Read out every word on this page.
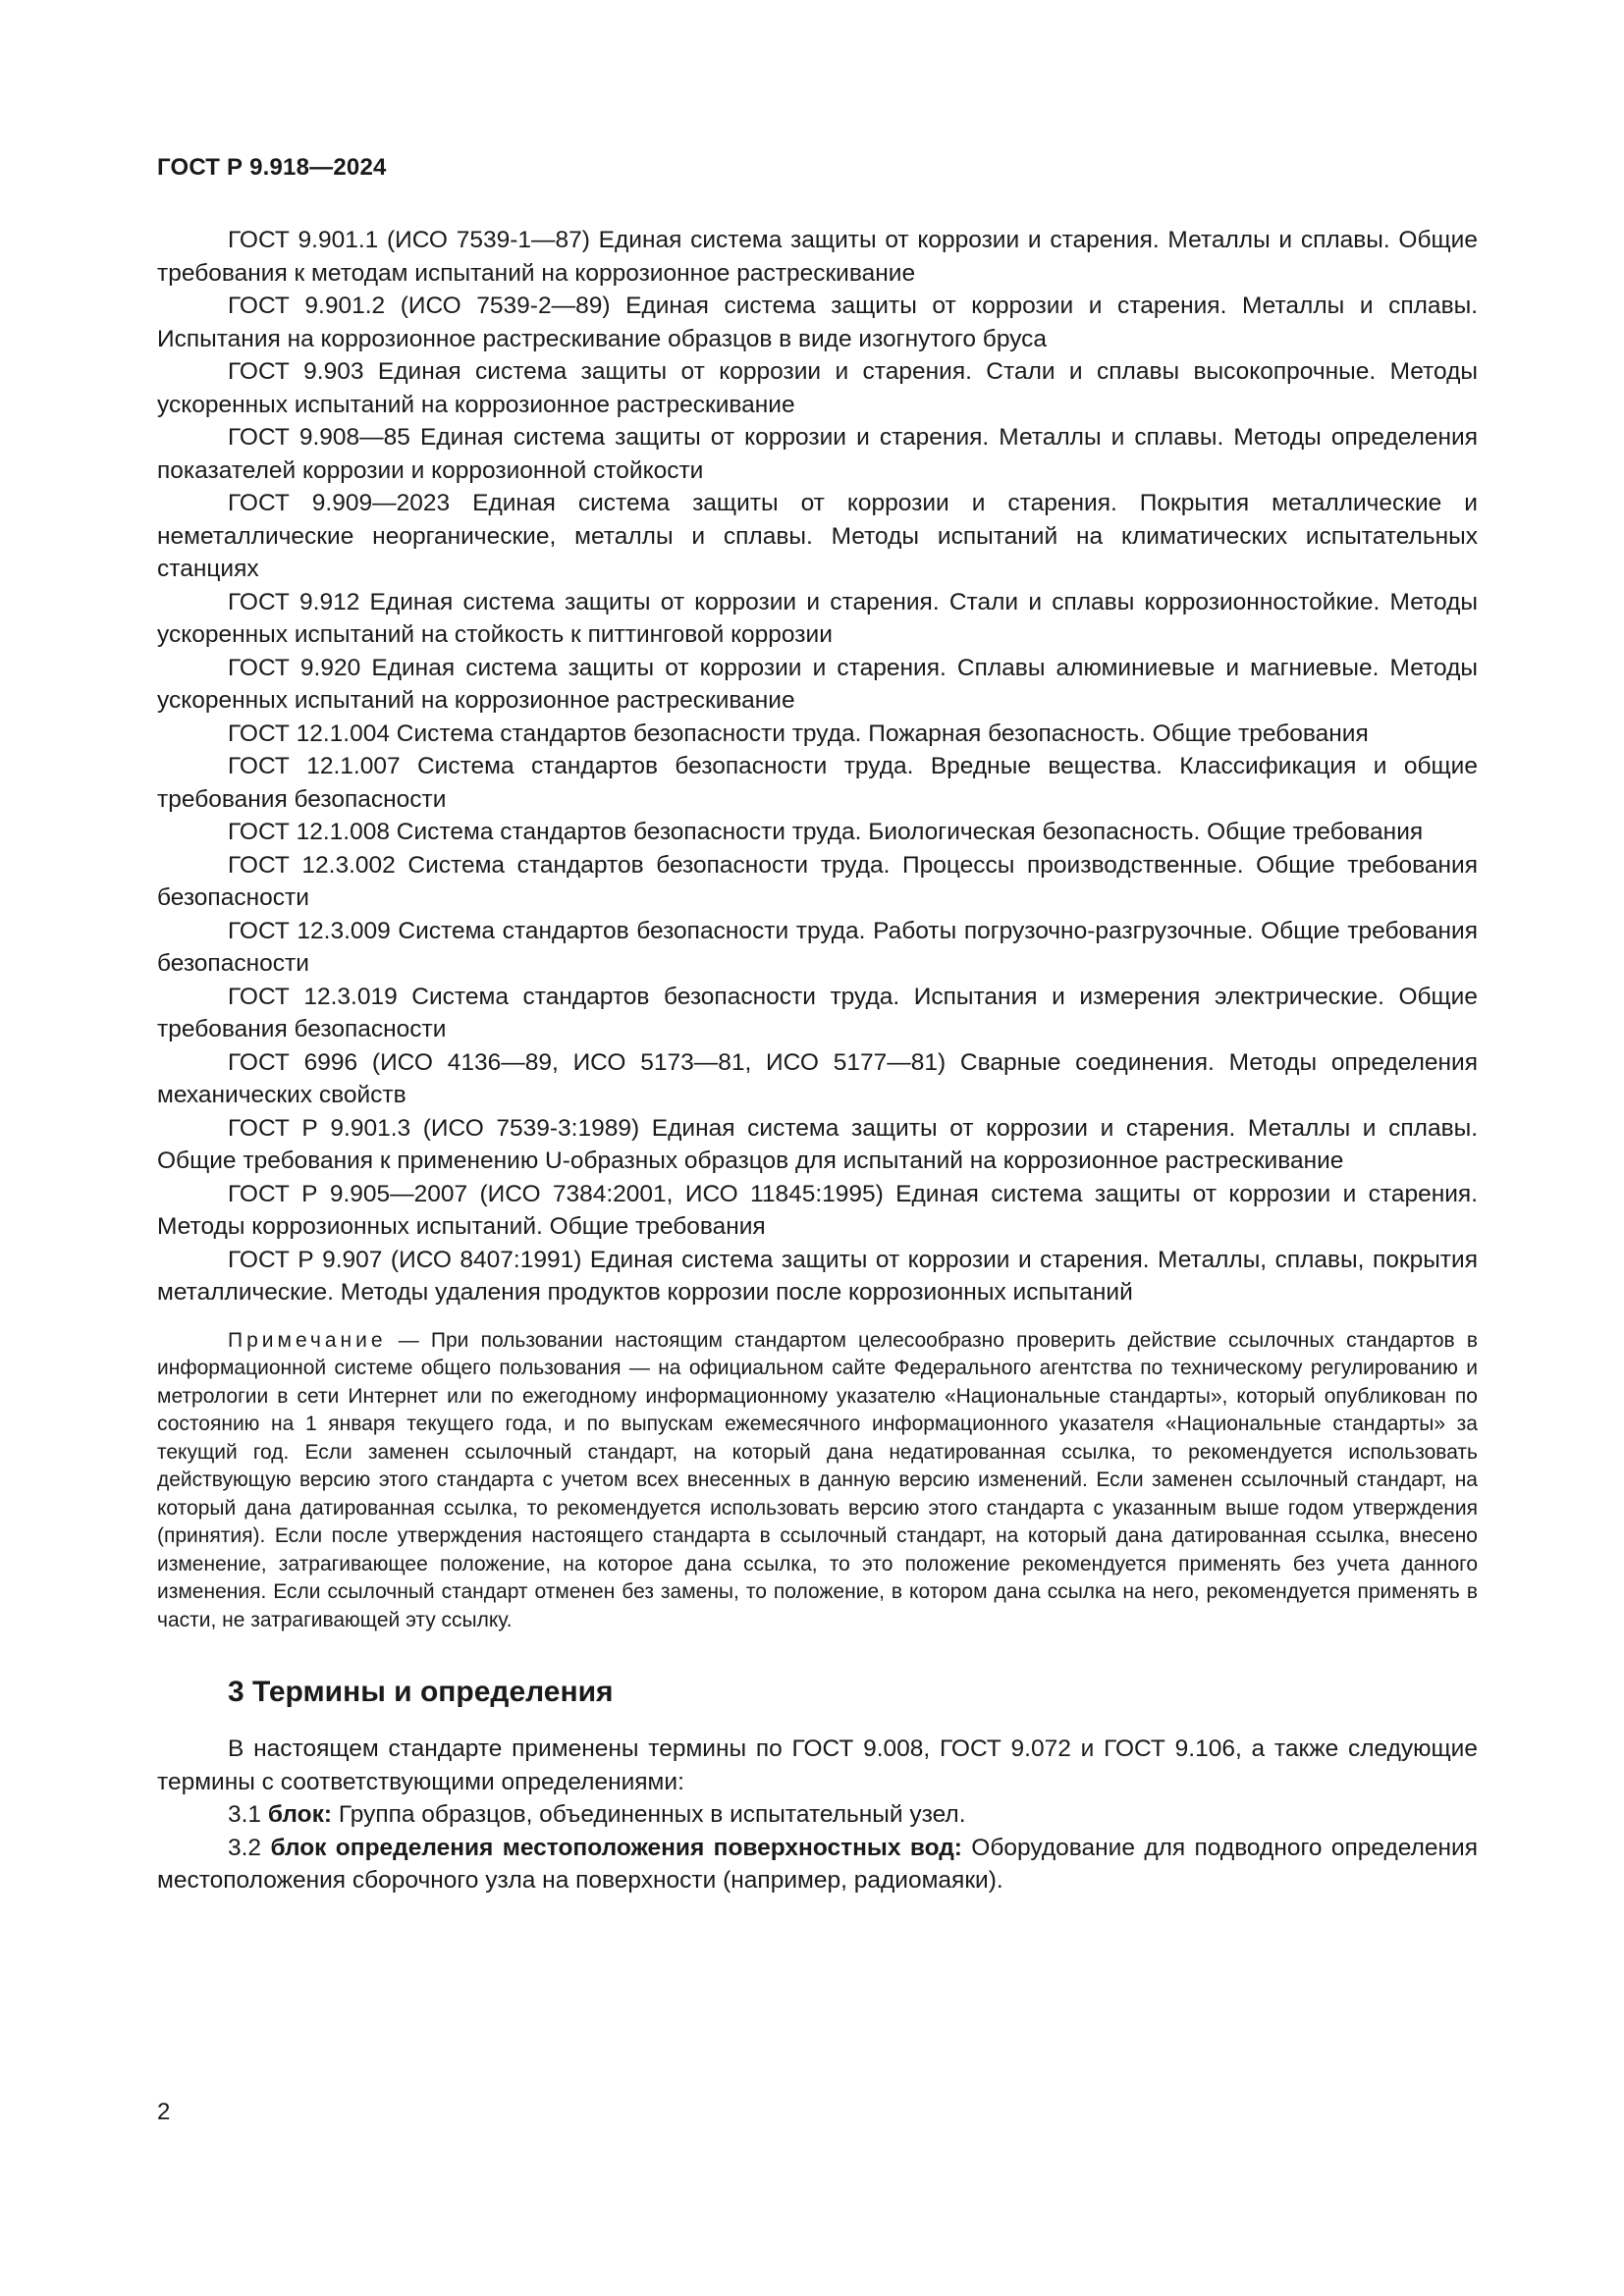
ГОСТ Р 9.918—2024

ГОСТ 9.901.1 (ИСО 7539-1—87) Единая система защиты от коррозии и старения. Металлы и сплавы. Общие требования к методам испытаний на коррозионное растрескивание

ГОСТ 9.901.2 (ИСО 7539-2—89) Единая система защиты от коррозии и старения. Металлы и сплавы. Испытания на коррозионное растрескивание образцов в виде изогнутого бруса

ГОСТ 9.903 Единая система защиты от коррозии и старения. Стали и сплавы высокопрочные. Методы ускоренных испытаний на коррозионное растрескивание

ГОСТ 9.908—85 Единая система защиты от коррозии и старения. Металлы и сплавы. Методы определения показателей коррозии и коррозионной стойкости

ГОСТ 9.909—2023 Единая система защиты от коррозии и старения. Покрытия металлические и неметаллические неорганические, металлы и сплавы. Методы испытаний на климатических испытательных станциях

ГОСТ 9.912 Единая система защиты от коррозии и старения. Стали и сплавы коррозионностойкие. Методы ускоренных испытаний на стойкость к питтинговой коррозии

ГОСТ 9.920 Единая система защиты от коррозии и старения. Сплавы алюминиевые и магниевые. Методы ускоренных испытаний на коррозионное растрескивание

ГОСТ 12.1.004 Система стандартов безопасности труда. Пожарная безопасность. Общие требования

ГОСТ 12.1.007 Система стандартов безопасности труда. Вредные вещества. Классификация и общие требования безопасности

ГОСТ 12.1.008 Система стандартов безопасности труда. Биологическая безопасность. Общие требования

ГОСТ 12.3.002 Система стандартов безопасности труда. Процессы производственные. Общие требования безопасности

ГОСТ 12.3.009 Система стандартов безопасности труда. Работы погрузочно-разгрузочные. Общие требования безопасности

ГОСТ 12.3.019 Система стандартов безопасности труда. Испытания и измерения электрические. Общие требования безопасности

ГОСТ 6996 (ИСО 4136—89, ИСО 5173—81, ИСО 5177—81) Сварные соединения. Методы определения механических свойств

ГОСТ Р 9.901.3 (ИСО 7539-3:1989) Единая система защиты от коррозии и старения. Металлы и сплавы. Общие требования к применению U-образных образцов для испытаний на коррозионное растрескивание

ГОСТ Р 9.905—2007 (ИСО 7384:2001, ИСО 11845:1995) Единая система защиты от коррозии и старения. Методы коррозионных испытаний. Общие требования

ГОСТ Р 9.907 (ИСО 8407:1991) Единая система защиты от коррозии и старения. Металлы, сплавы, покрытия металлические. Методы удаления продуктов коррозии после коррозионных испытаний

Примечание — При пользовании настоящим стандартом целесообразно проверить действие ссылочных стандартов в информационной системе общего пользования — на официальном сайте Федерального агентства по техническому регулированию и метрологии в сети Интернет или по ежегодному информационному указателю «Национальные стандарты», который опубликован по состоянию на 1 января текущего года, и по выпускам ежемесячного информационного указателя «Национальные стандарты» за текущий год. Если заменен ссылочный стандарт, на который дана недатированная ссылка, то рекомендуется использовать действующую версию этого стандарта с учетом всех внесенных в данную версию изменений. Если заменен ссылочный стандарт, на который дана датированная ссылка, то рекомендуется использовать версию этого стандарта с указанным выше годом утверждения (принятия). Если после утверждения настоящего стандарта в ссылочный стандарт, на который дана датированная ссылка, внесено изменение, затрагивающее положение, на которое дана ссылка, то это положение рекомендуется применять без учета данного изменения. Если ссылочный стандарт отменен без замены, то положение, в котором дана ссылка на него, рекомендуется применять в части, не затрагивающей эту ссылку.

3 Термины и определения

В настоящем стандарте применены термины по ГОСТ 9.008, ГОСТ 9.072 и ГОСТ 9.106, а также следующие термины с соответствующими определениями:

3.1 блок: Группа образцов, объединенных в испытательный узел.

3.2 блок определения местоположения поверхностных вод: Оборудование для подводного определения местоположения сборочного узла на поверхности (например, радиомаяки).

2
